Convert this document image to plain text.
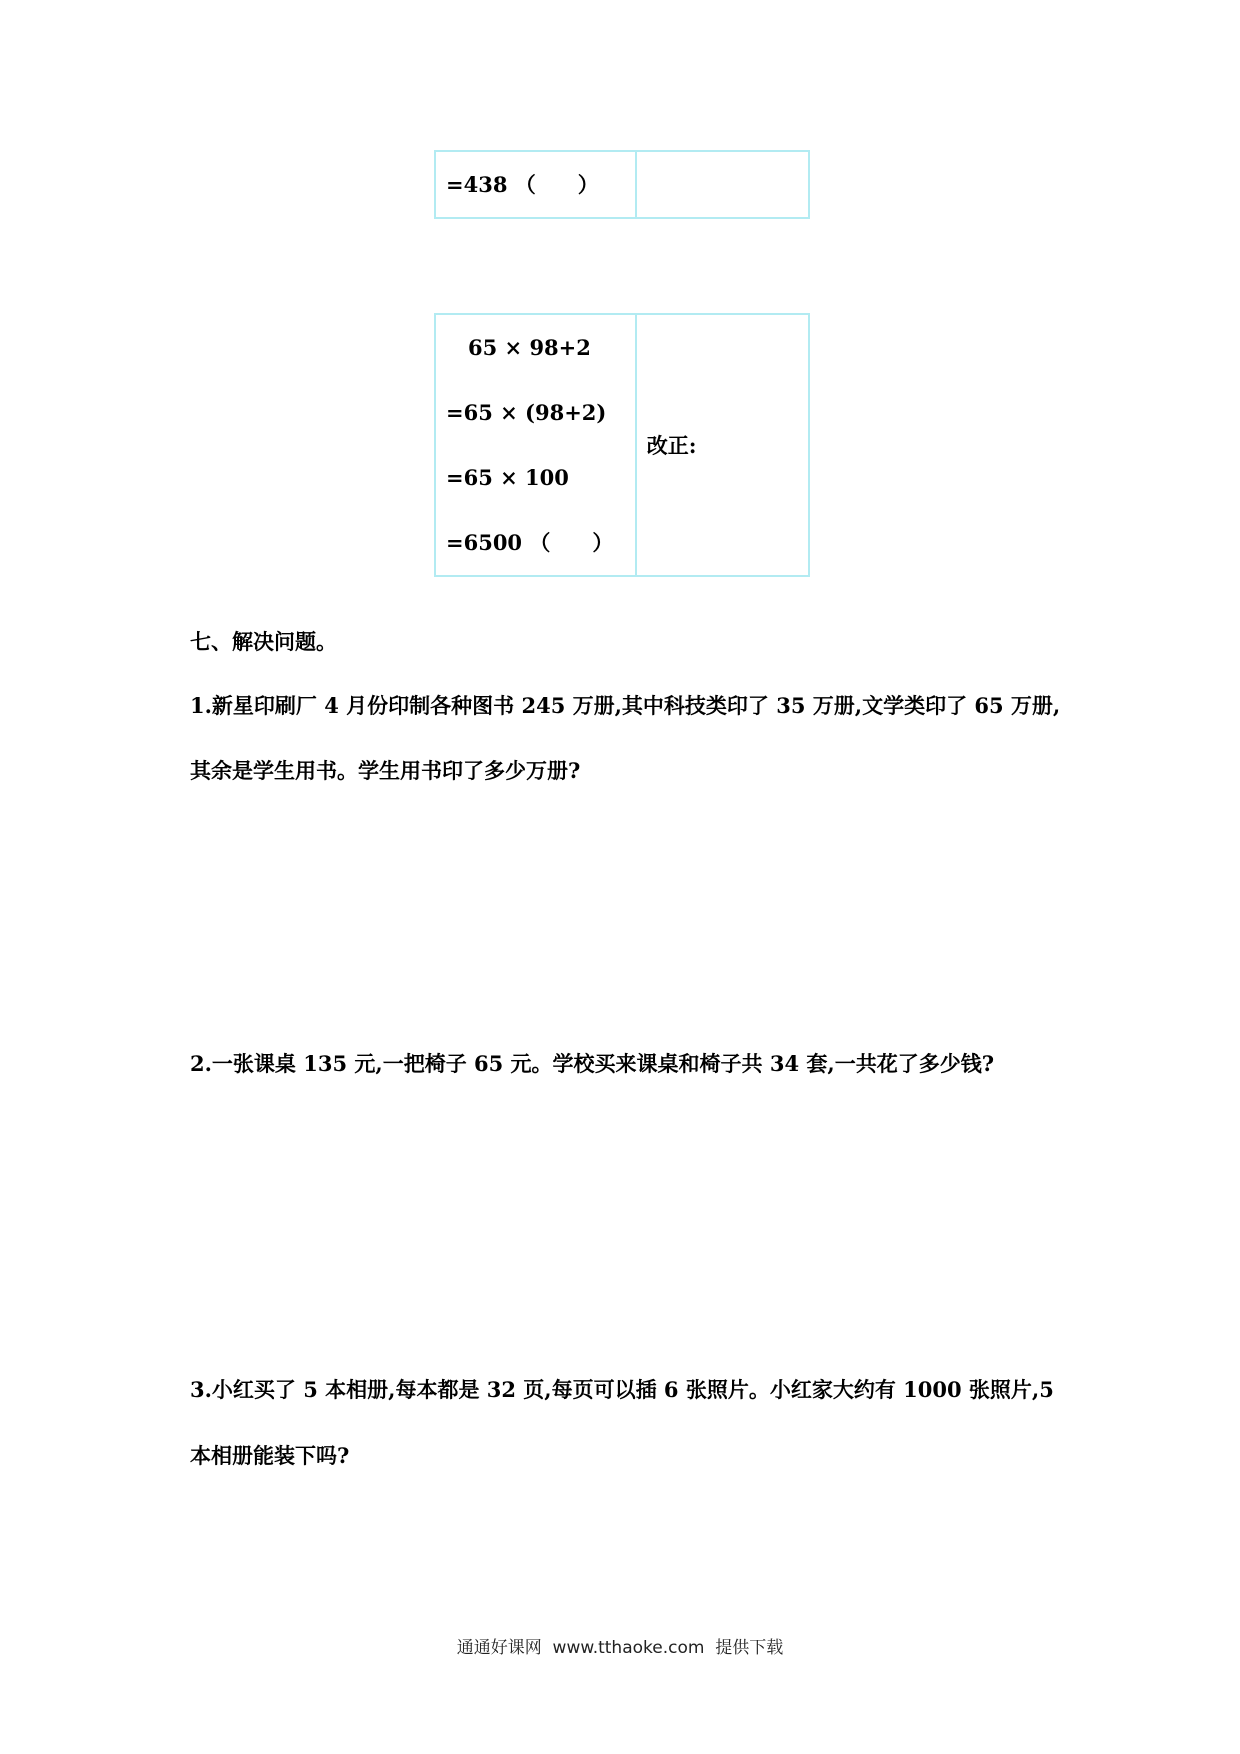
=438 （　　）

65 × 98+2
=65 × (98+2)
=65 × 100
=6500 （　　）

改正:

七、解决问题。

1.新星印刷厂 4 月份印制各种图书 245 万册,其中科技类印了 35 万册,文学类印了 65 万册,

其余是学生用书。学生用书印了多少万册?

2.一张课桌 135 元,一把椅子 65 元。学校买来课桌和椅子共 34 套,一共花了多少钱?

3.小红买了 5 本相册,每本都是 32 页,每页可以插 6 张照片。小红家大约有 1000 张照片,5

本相册能装下吗?

通通好课网  www.tthaoke.com  提供下载
